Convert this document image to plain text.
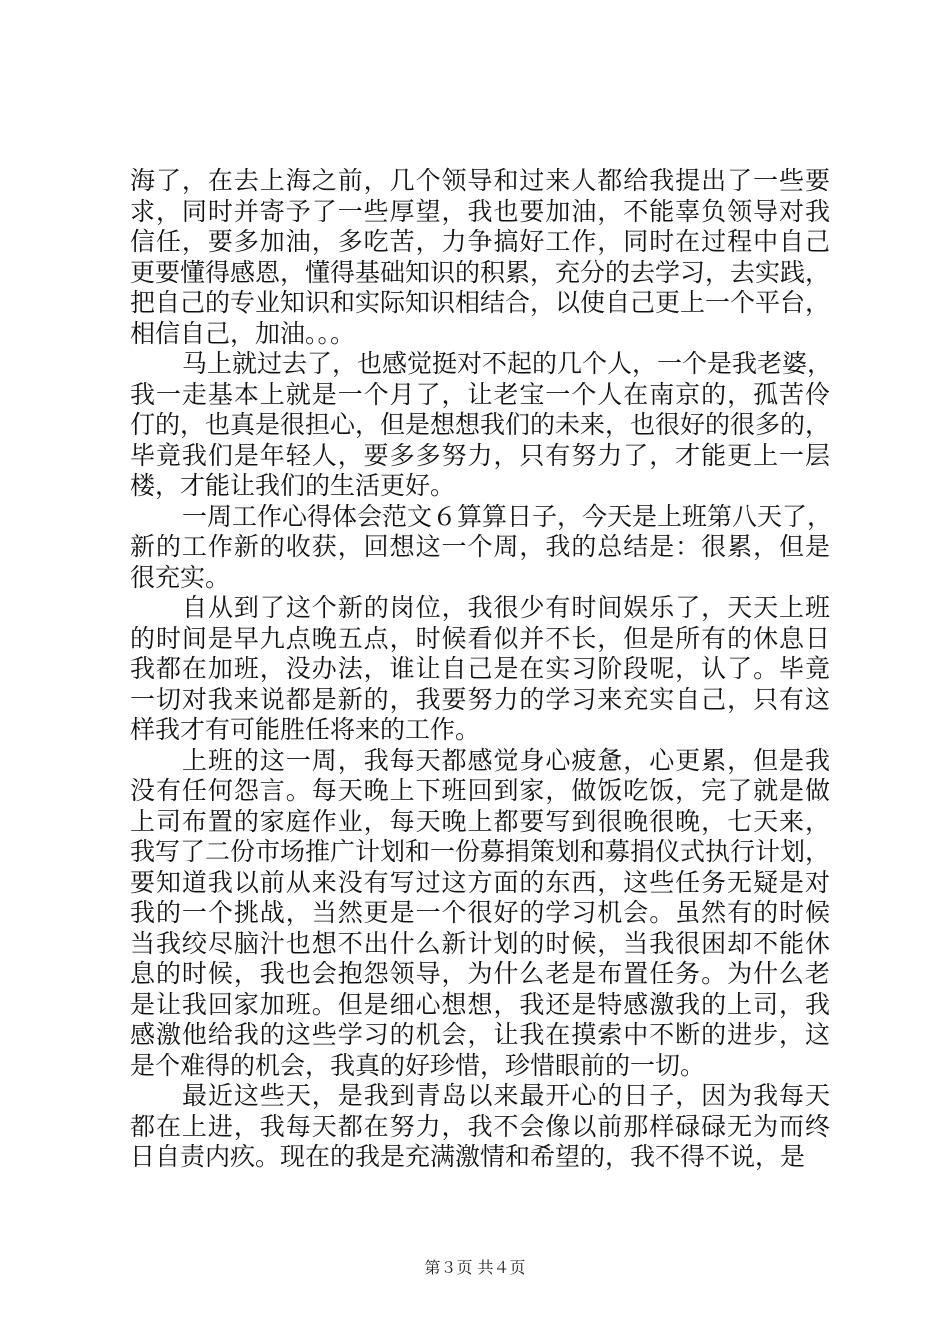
海了，在去上海之前，几个领导和过来人都给我提出了一些要
求，同时并寄予了一些厚望，我也要加油，不能辜负领导对我
信任，要多加油，多吃苦，力争搞好工作，同时在过程中自己
更要懂得感恩，懂得基础知识的积累，充分的去学习，去实践，
把自己的专业知识和实际知识相结合，以使自己更上一个平台，
相信自己，加油。。。
马上就过去了，也感觉挺对不起的几个人，一个是我老婆，
我一走基本上就是一个月了，让老宝一个人在南京的，孤苦伶
仃的，也真是很担心，但是想想我们的未来，也很好的很多的，
毕竟我们是年轻人，要多多努力，只有努力了，才能更上一层
楼，才能让我们的生活更好。
一周工作心得体会范文６算算日子，今天是上班第八天了，
新的工作新的收获，回想这一个周，我的总结是：很累，但是
很充实。
自从到了这个新的岗位，我很少有时间娱乐了，天天上班
的时间是早九点晚五点，时候看似并不长，但是所有的休息日
我都在加班，没办法，谁让自己是在实习阶段呢，认了。毕竟
一切对我来说都是新的，我要努力的学习来充实自己，只有这
样我才有可能胜任将来的工作。
上班的这一周，我每天都感觉身心疲惫，心更累，但是我
没有任何怨言。每天晚上下班回到家，做饭吃饭，完了就是做
上司布置的家庭作业，每天晚上都要写到很晚很晚，七天来，
我写了二份市场推广计划和一份募捐策划和募捐仪式执行计划，
要知道我以前从来没有写过这方面的东西，这些任务无疑是对
我的一个挑战，当然更是一个很好的学习机会。虽然有的时候
当我绞尽脑汁也想不出什么新计划的时候，当我很困却不能休
息的时候，我也会抱怨领导，为什么老是布置任务。为什么老
是让我回家加班。但是细心想想，我还是特感激我的上司，我
感激他给我的这些学习的机会，让我在摸索中不断的进步，这
是个难得的机会，我真的好珍惜，珍惜眼前的一切。
最近这些天，是我到青岛以来最开心的日子，因为我每天
都在上进，我每天都在努力，我不会像以前那样碌碌无为而终
日自责内疚。现在的我是充满激情和希望的，我不得不说，是
第３页 共４页
